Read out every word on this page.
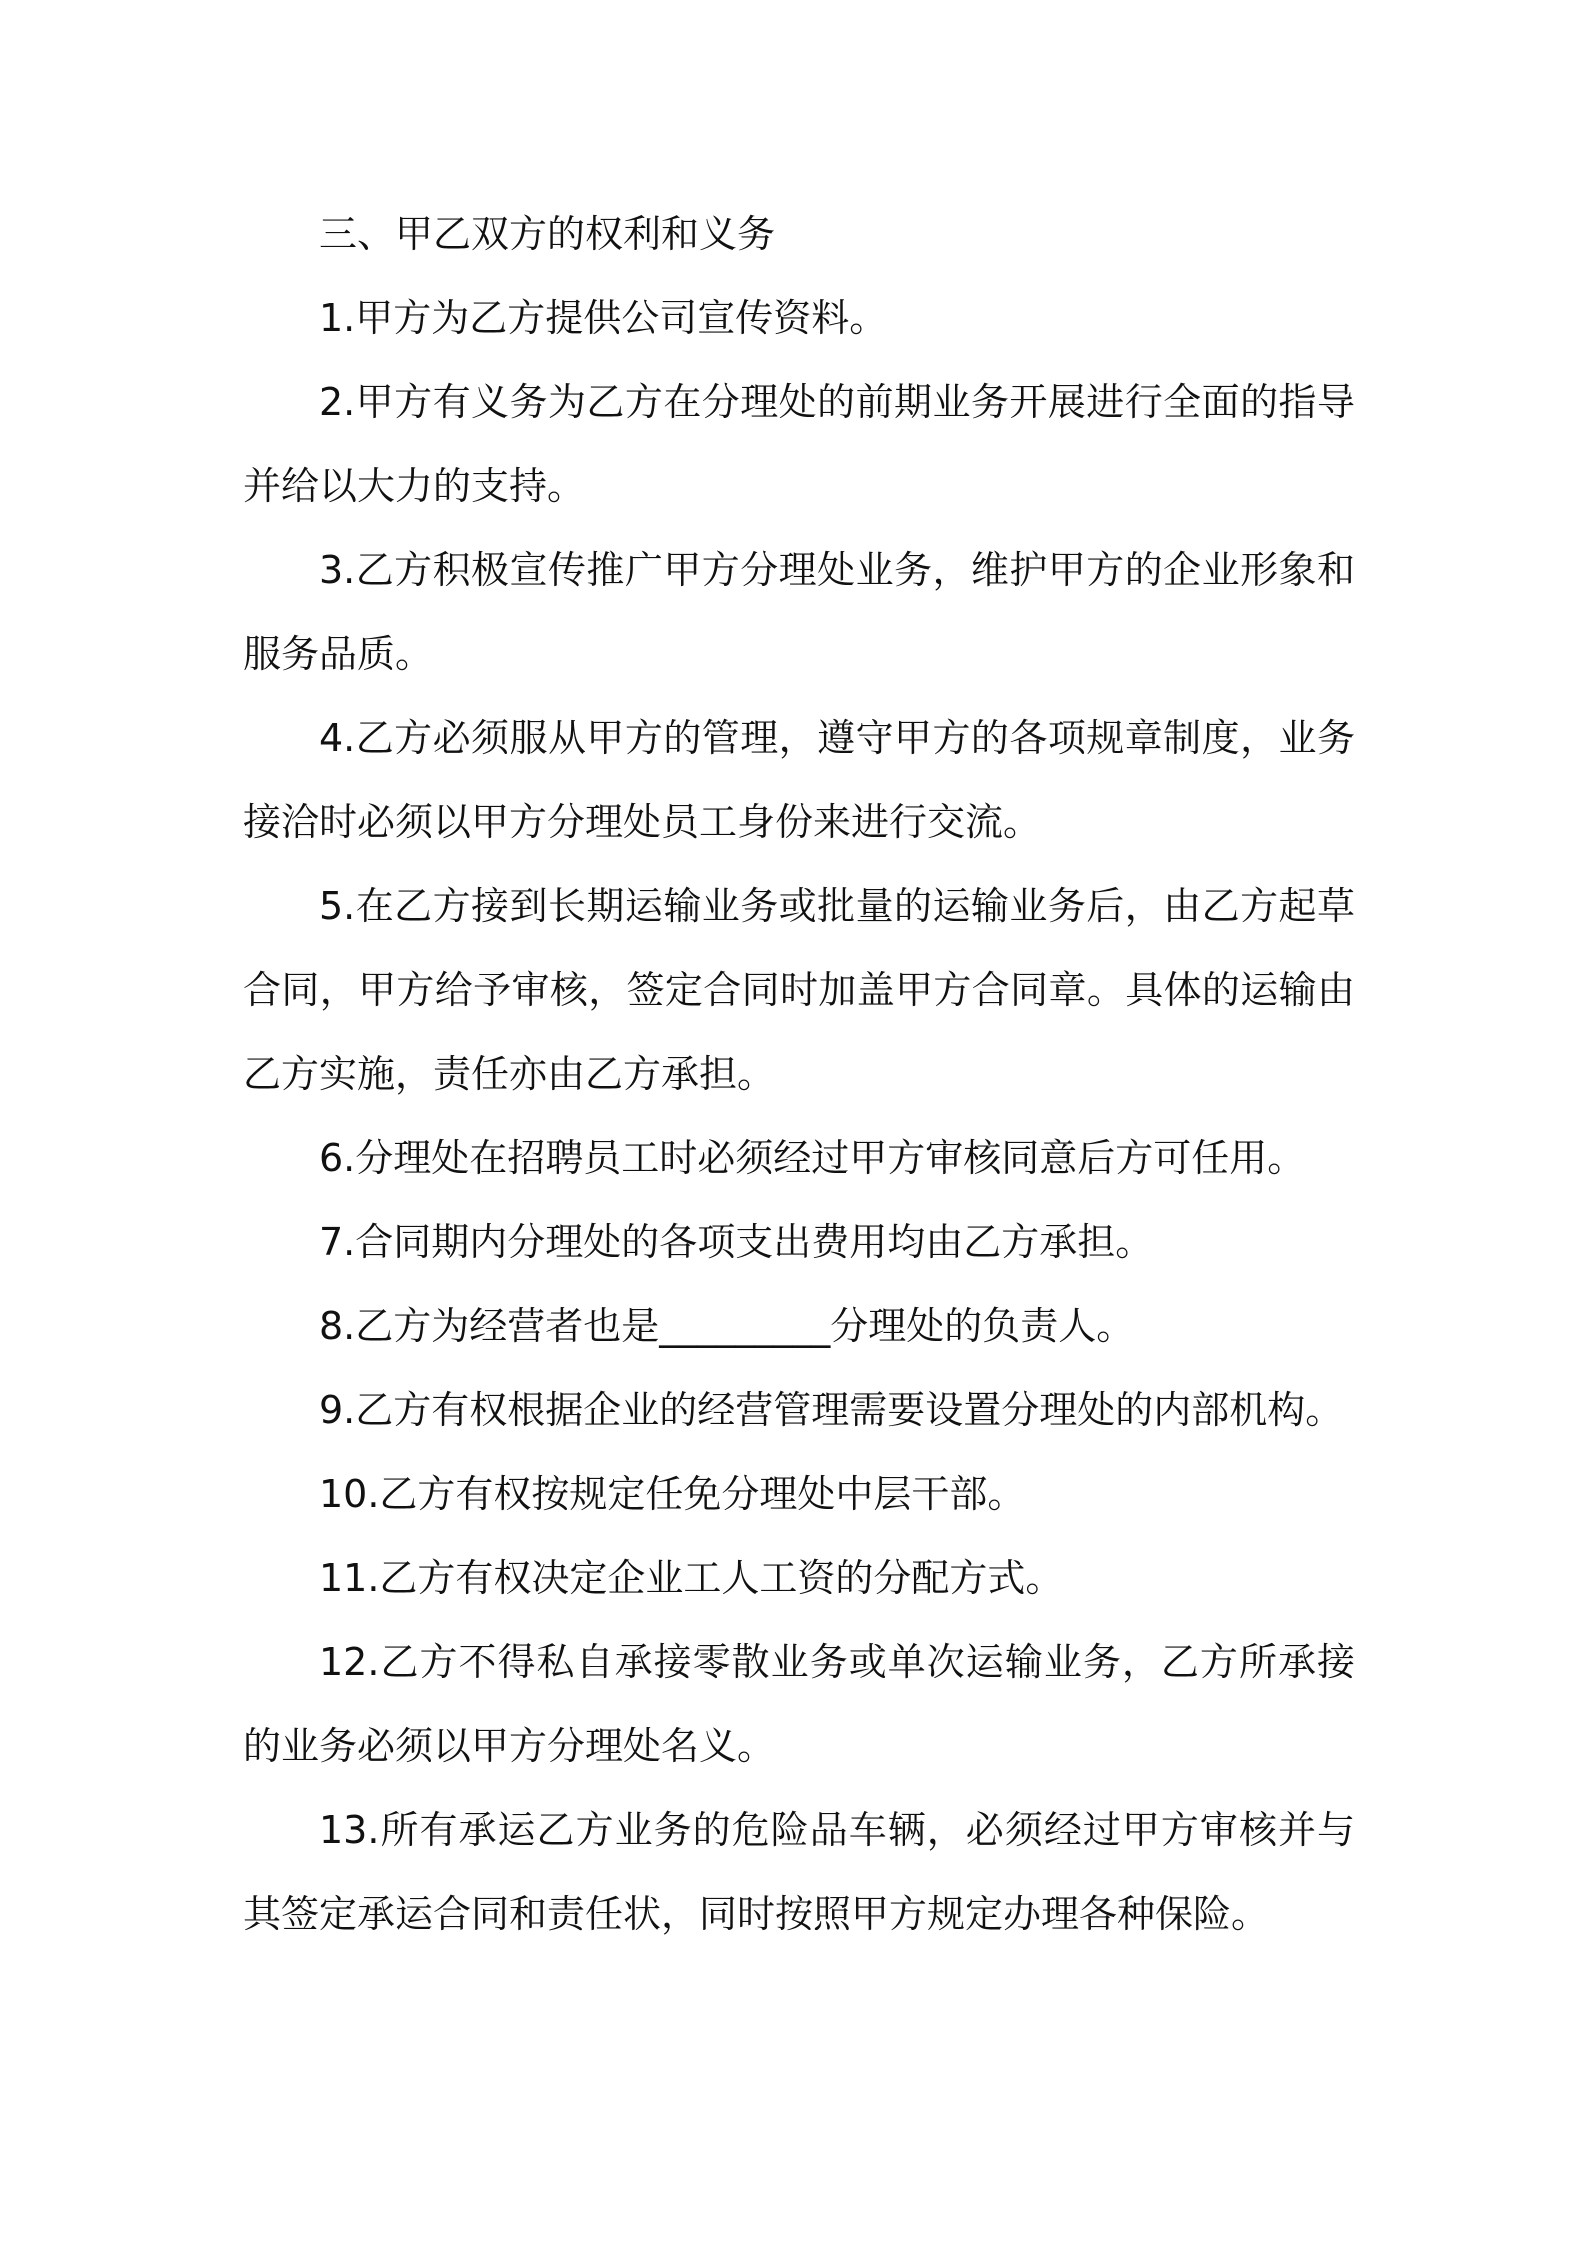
三、甲乙双方的权利和义务

1.甲方为乙方提供公司宣传资料。

2.甲方有义务为乙方在分理处的前期业务开展进行全面的指导并给以大力的支持。

3.乙方积极宣传推广甲方分理处业务，维护甲方的企业形象和服务品质。

4.乙方必须服从甲方的管理，遵守甲方的各项规章制度，业务接洽时必须以甲方分理处员工身份来进行交流。

5.在乙方接到长期运输业务或批量的运输业务后，由乙方起草合同，甲方给予审核，签定合同时加盖甲方合同章。具体的运输由乙方实施，责任亦由乙方承担。

6.分理处在招聘员工时必须经过甲方审核同意后方可任用。

7.合同期内分理处的各项支出费用均由乙方承担。

8.乙方为经营者也是_________分理处的负责人。

9.乙方有权根据企业的经营管理需要设置分理处的内部机构。

10.乙方有权按规定任免分理处中层干部。

11.乙方有权决定企业工人工资的分配方式。

12.乙方不得私自承接零散业务或单次运输业务，乙方所承接的业务必须以甲方分理处名义。

13.所有承运乙方业务的危险品车辆，必须经过甲方审核并与其签定承运合同和责任状，同时按照甲方规定办理各种保险。
